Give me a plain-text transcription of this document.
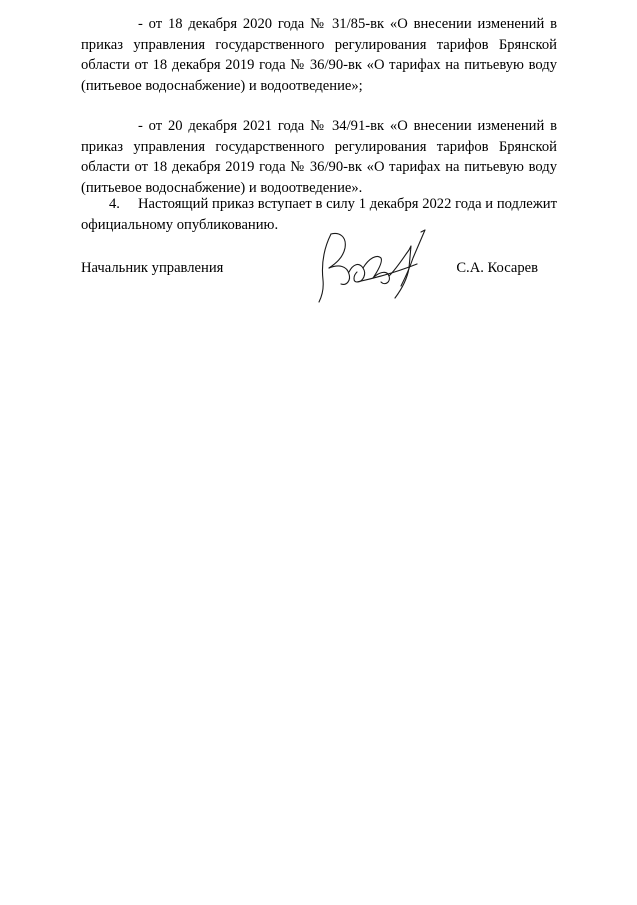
- от 18 декабря 2020 года № 31/85-вк «О внесении изменений в приказ управления государственного регулирования тарифов Брянской области от 18 декабря 2019 года № 36/90-вк «О тарифах на питьевую воду (питьевое водоснабжение) и водоотведение»;

- от 20 декабря 2021 года № 34/91-вк «О внесении изменений в приказ управления государственного регулирования тарифов Брянской области от 18 декабря 2019 года № 36/90-вк «О тарифах на питьевую воду (питьевое водоснабжение) и водоотведение».

4. Настоящий приказ вступает в силу 1 декабря 2022 года и подлежит официальному опубликованию.

Начальник управления	С.А. Косарев
